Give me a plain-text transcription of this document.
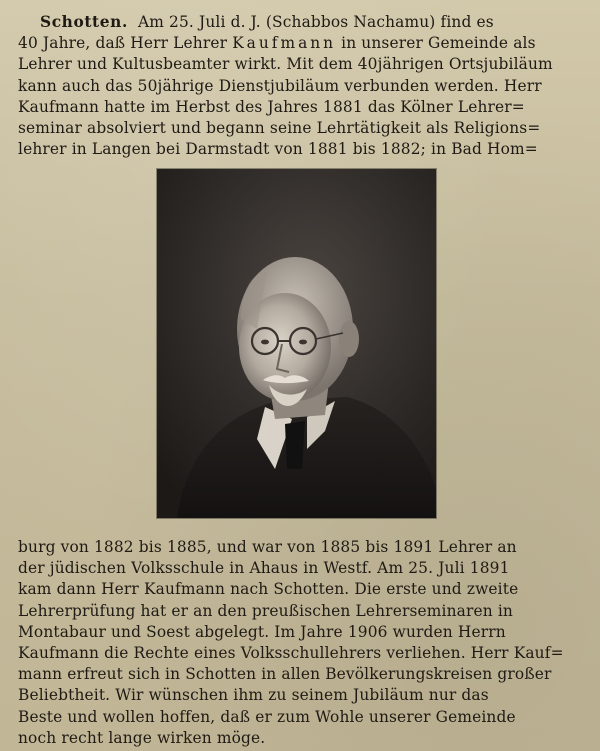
Schotten. Am 25. Juli d. J. (Schabbos Nachamu) find es
40 Jahre, daß Herr Lehrer Kaufmann in unserer Gemeinde als
Lehrer und Kultusbeamter wirkt. Mit dem 40jährigen Ortsjubiläum
kann auch das 50jährige Dienstjubiläum verbunden werden. Herr
Kaufmann hatte im Herbst des Jahres 1881 das Kölner Lehrer=
seminar absolviert und begann seine Lehrtätigkeit als Religions=
lehrer in Langen bei Darmstadt von 1881 bis 1882; in Bad Hom=
burg von 1882 bis 1885, und war von 1885 bis 1891 Lehrer an
der jüdischen Volksschule in Ahaus in Westf. Am 25. Juli 1891
kam dann Herr Kaufmann nach Schotten. Die erste und zweite
Lehrerprüfung hat er an den preußischen Lehrerseminaren in
Montabaur und Soest abgelegt. Im Jahre 1906 wurden Herrn
Kaufmann die Rechte eines Volksschullehrers verliehen. Herr Kauf=
mann erfreut sich in Schotten in allen Bevölkerungskreisen großer
Beliebtheit. Wir wünschen ihm zu seinem Jubiläum nur das
Beste und wollen hoffen, daß er zum Wohle unserer Gemeinde
noch recht lange wirken möge.
